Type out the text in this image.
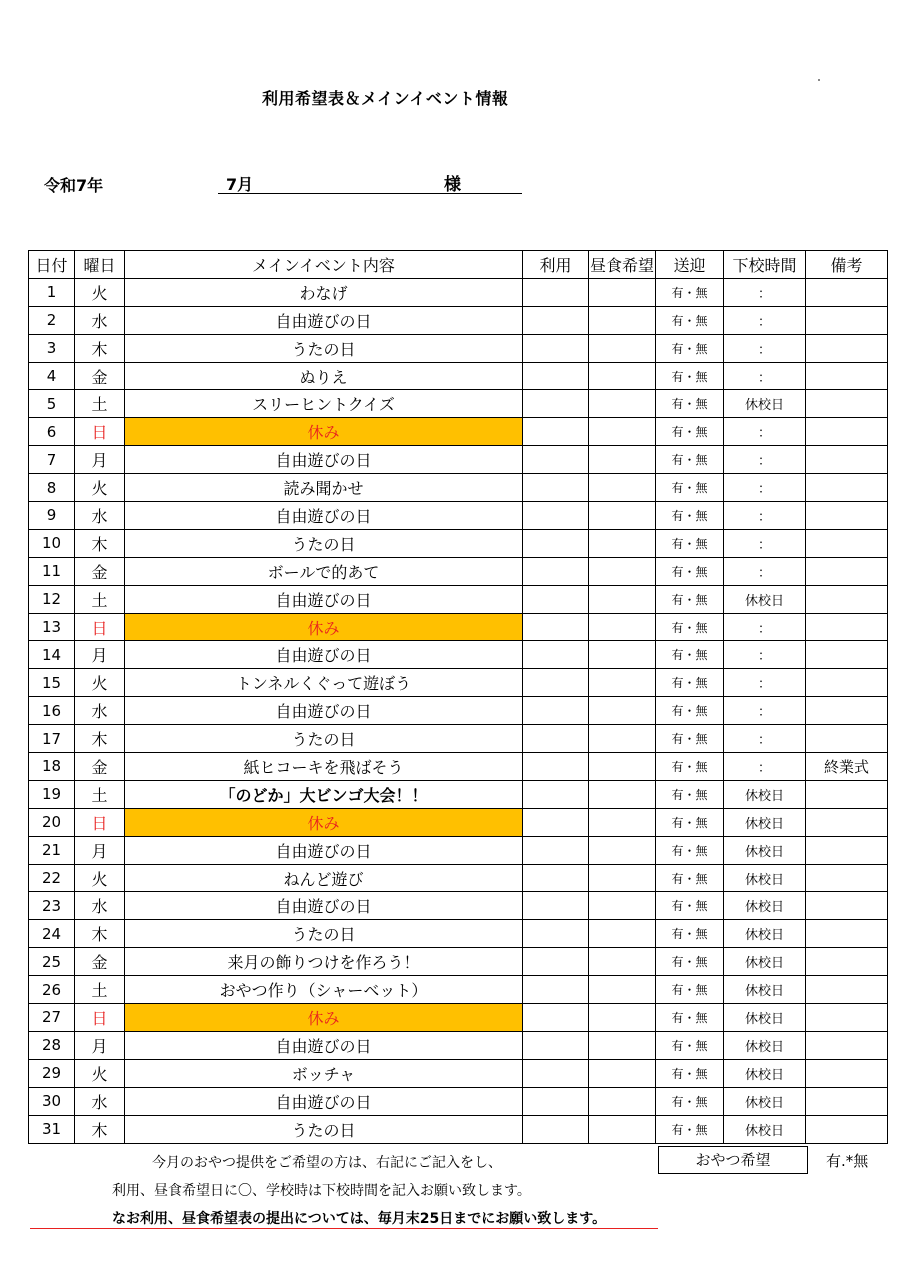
利用希望表＆メインイベント情報
令和7年	7月	様
日付	曜日	メインイベント内容	利用	昼食希望	送迎	下校時間	備考
1	火	わなげ			有・無	：	
2	水	自由遊びの日			有・無	：	
3	木	うたの日			有・無	：	
4	金	ぬりえ			有・無	：	
5	土	スリーヒントクイズ			有・無	休校日	
6	日	休み			有・無	：	
7	月	自由遊びの日			有・無	：	
8	火	読み聞かせ			有・無	：	
9	水	自由遊びの日			有・無	：	
10	木	うたの日			有・無	：	
11	金	ボールで的あて			有・無	：	
12	土	自由遊びの日			有・無	休校日	
13	日	休み			有・無	：	
14	月	自由遊びの日			有・無	：	
15	火	トンネルくぐって遊ぼう			有・無	：	
16	水	自由遊びの日			有・無	：	
17	木	うたの日			有・無	：	
18	金	紙ヒコーキを飛ばそう			有・無	：	終業式
19	土	「のどか」大ビンゴ大会！！			有・無	休校日	
20	日	休み			有・無	休校日	
21	月	自由遊びの日			有・無	休校日	
22	火	ねんど遊び			有・無	休校日	
23	水	自由遊びの日			有・無	休校日	
24	木	うたの日			有・無	休校日	
25	金	来月の飾りつけを作ろう！			有・無	休校日	
26	土	おやつ作り（シャーベット）			有・無	休校日	
27	日	休み			有・無	休校日	
28	月	自由遊びの日			有・無	休校日	
29	火	ボッチャ			有・無	休校日	
30	水	自由遊びの日			有・無	休校日	
31	木	うたの日			有・無	休校日	
今月のおやつ提供をご希望の方は、右記にご記入をし、
利用、昼食希望日に〇、学校時は下校時間を記入お願い致します。
なお利用、昼食希望表の提出については、毎月末25日までにお願い致します。
おやつ希望	有.*無
